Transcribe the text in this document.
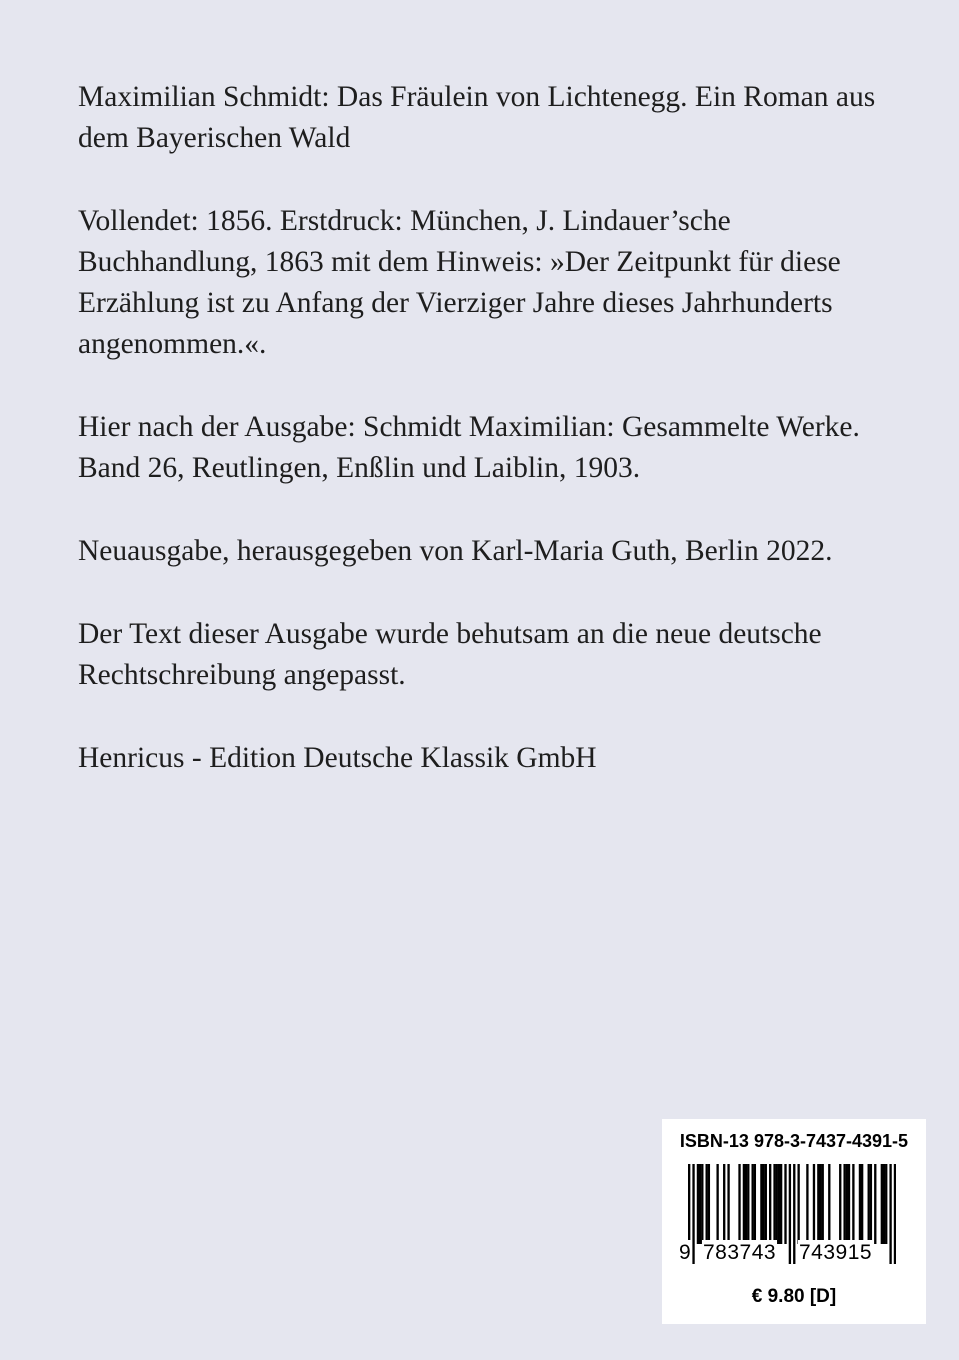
Maximilian Schmidt: Das Fräulein von Lichtenegg. Ein Roman aus dem Bayerischen Wald

Vollendet: 1856. Erstdruck: München, J. Lindauer’sche Buchhandlung, 1863 mit dem Hinweis: »Der Zeitpunkt für diese Erzählung ist zu Anfang der Vierziger Jahre dieses Jahrhunderts angenommen.«.

Hier nach der Ausgabe: Schmidt Maximilian: Gesammelte Werke. Band 26, Reutlingen, Enßlin und Laiblin, 1903.

Neuausgabe, herausgegeben von Karl-Maria Guth, Berlin 2022.

Der Text dieser Ausgabe wurde behutsam an die neue deutsche Rechtschreibung angepasst.

Henricus - Edition Deutsche Klassik GmbH

ISBN-13 978-3-7437-4391-5
9 783743 743915
€ 9.80 [D]
